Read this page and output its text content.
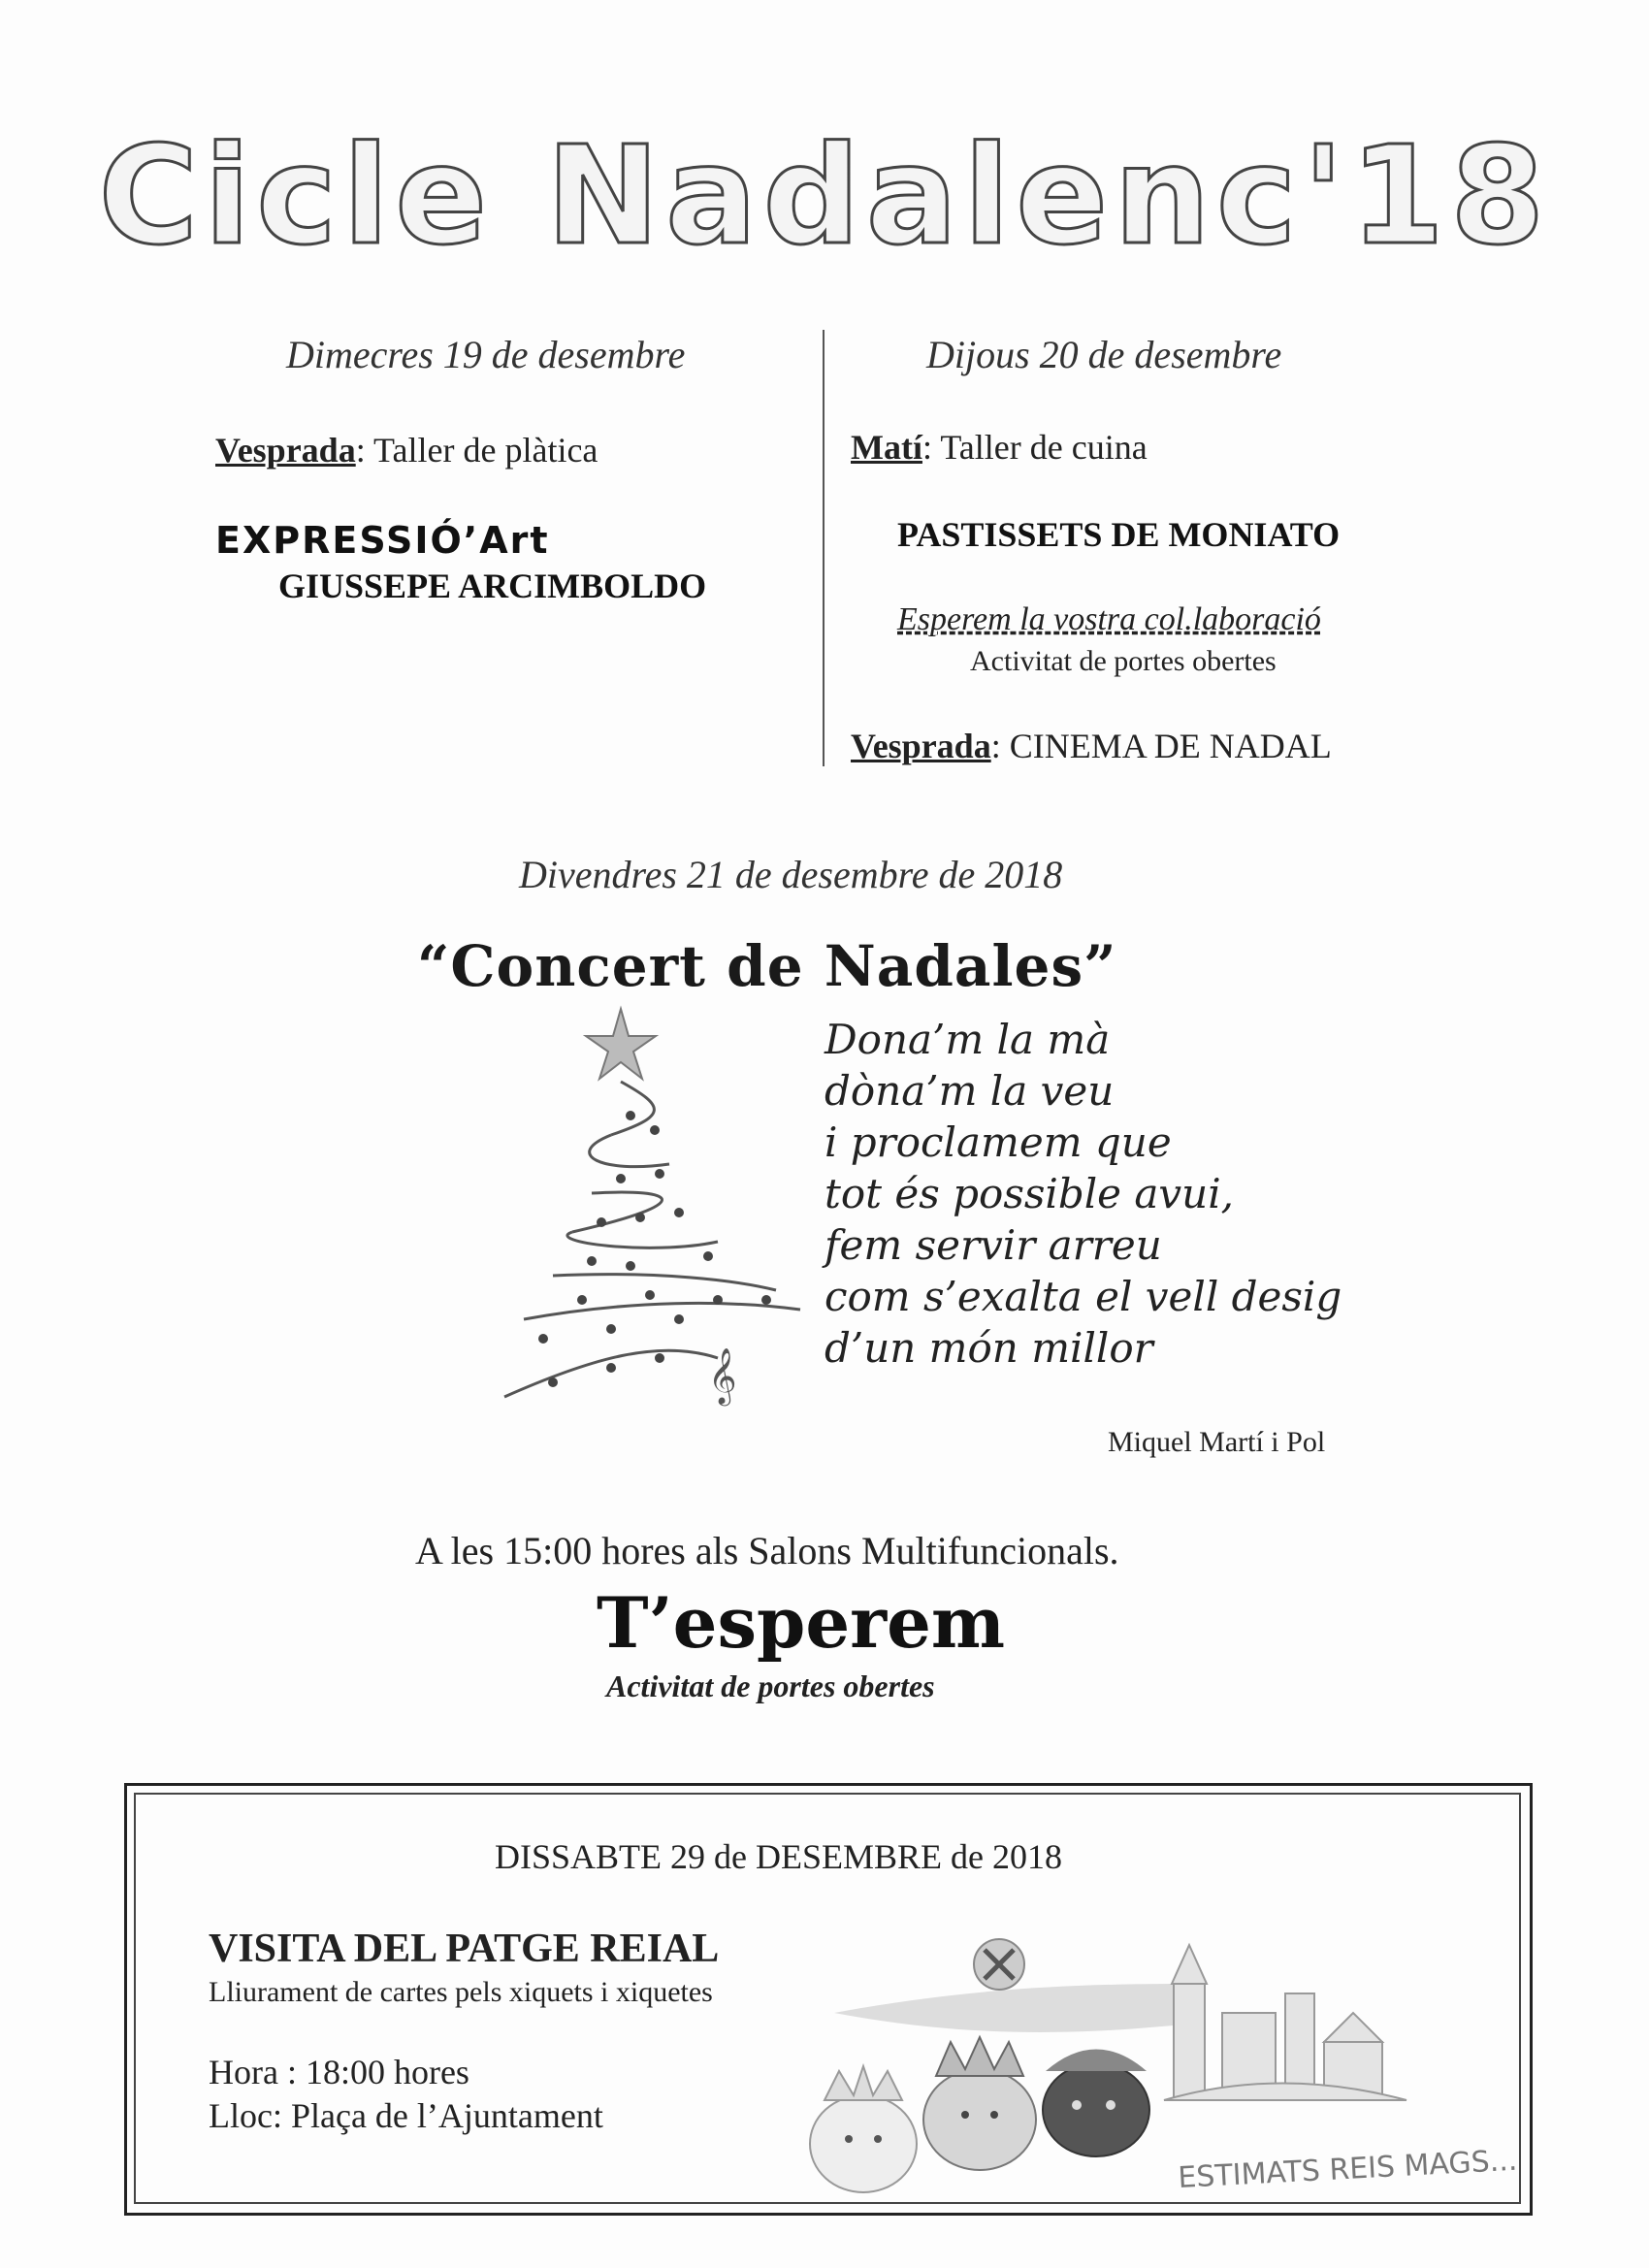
Cicle Nadalenc'18
Dimecres 19 de desembre
Vesprada: Taller de plàtica
EXPRESSIÓ’Art
GIUSSEPE ARCIMBOLDO
Dijous 20 de desembre
Matí: Taller de cuina
PASTISSETS DE MONIATO
Esperem la vostra col.laboració
Activitat de portes obertes
Vesprada: CINEMA DE NADAL
Divendres 21 de desembre de 2018
“Concert de Nadales”
𝄞
Dona’m la mà
dòna’m la veu
i proclamem que
tot és possible avui,
fem servir arreu
com s’exalta el vell desig
d’un món millor
Miquel Martí i Pol
A les 15:00 hores als Salons Multifuncionals.
T’esperem
Activitat de portes obertes
DISSABTE 29 de DESEMBRE de 2018
VISITA DEL PATGE REIAL
Lliurament de cartes pels xiquets i xiquetes
Hora : 18:00 hores
Lloc: Plaça de l’Ajuntament
ESTIMATS REIS MAGS...
